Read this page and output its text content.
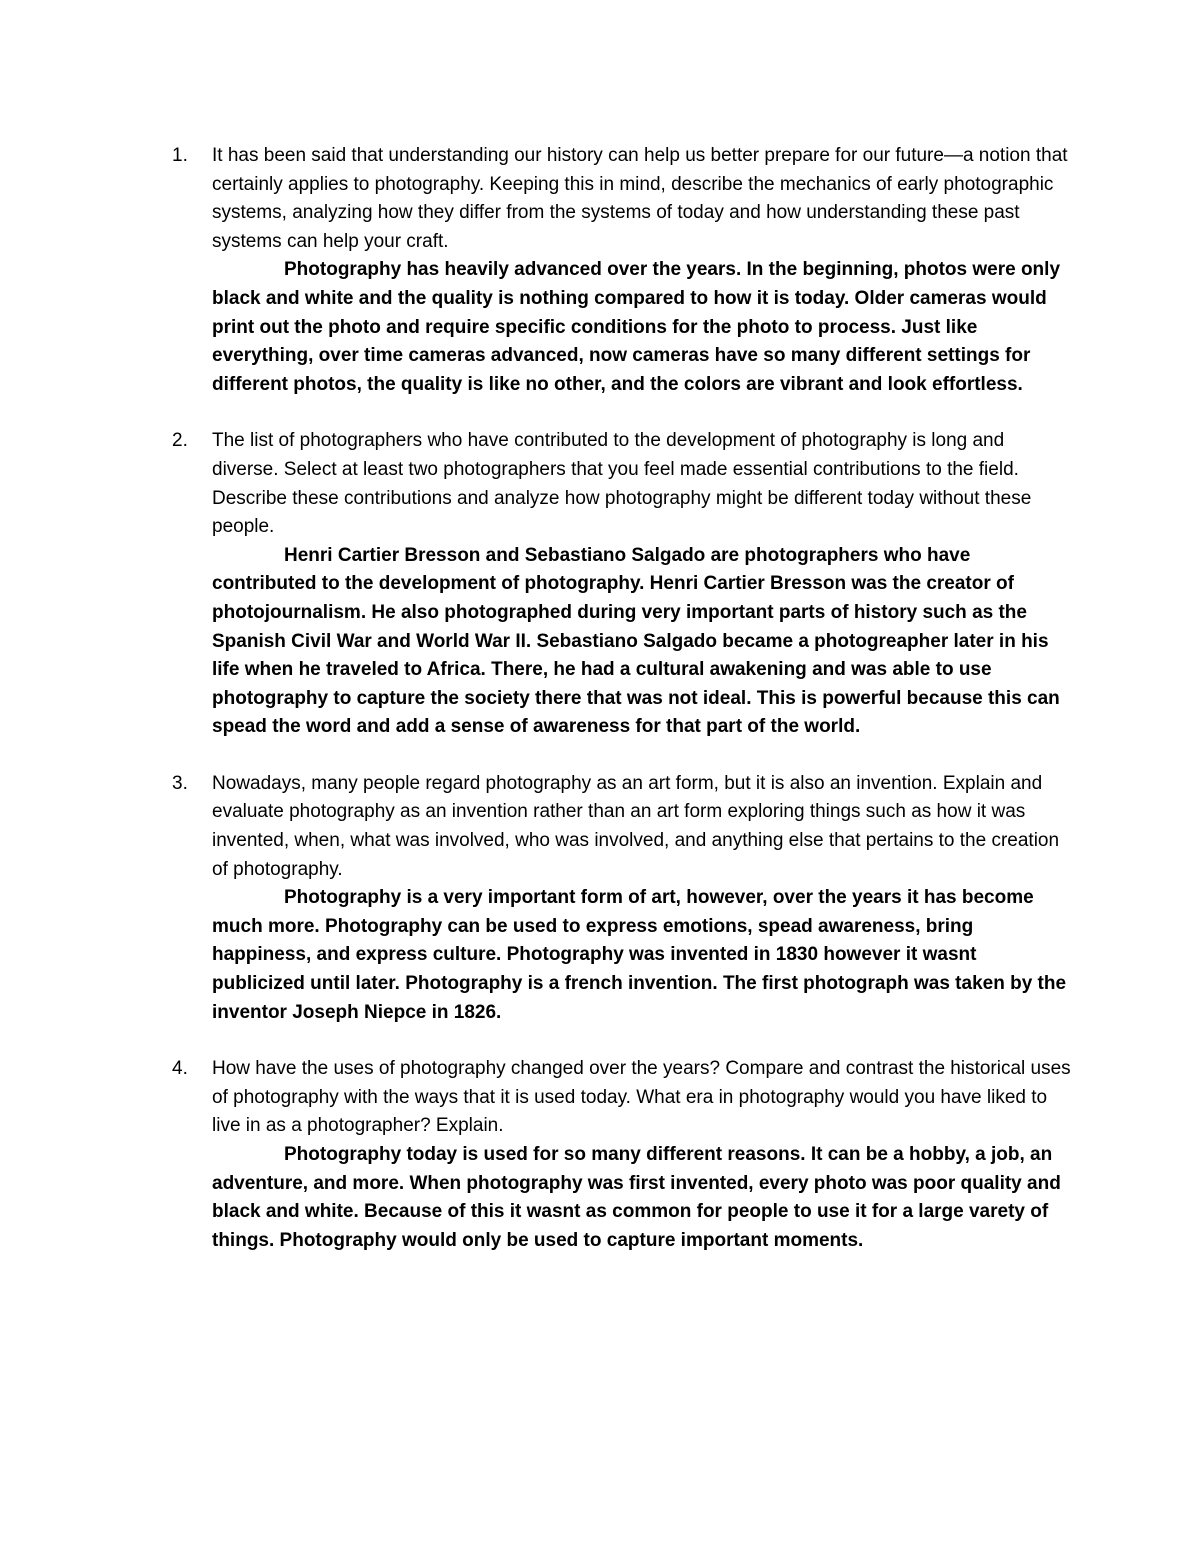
1. It has been said that understanding our history can help us better prepare for our future—a notion that certainly applies to photography. Keeping this in mind, describe the mechanics of early photographic systems, analyzing how they differ from the systems of today and how understanding these past systems can help your craft.
Photography has heavily advanced over the years. In the beginning, photos were only black and white and the quality is nothing compared to how it is today. Older cameras would print out the photo and require specific conditions for the photo to process. Just like everything, over time cameras advanced, now cameras have so many different settings for different photos, the quality is like no other, and the colors are vibrant and look effortless.
2. The list of photographers who have contributed to the development of photography is long and diverse. Select at least two photographers that you feel made essential contributions to the field. Describe these contributions and analyze how photography might be different today without these people.
Henri Cartier Bresson and Sebastiano Salgado are photographers who have contributed to the development of photography. Henri Cartier Bresson was the creator of photojournalism. He also photographed during very important parts of history such as the Spanish Civil War and World War II. Sebastiano Salgado became a photogreapher later in his life when he traveled to Africa. There, he had a cultural awakening and was able to use photography to capture the society there that was not ideal. This is powerful because this can spead the word and add a sense of awareness for that part of the world.
3. Nowadays, many people regard photography as an art form, but it is also an invention. Explain and evaluate photography as an invention rather than an art form exploring things such as how it was invented, when, what was involved, who was involved, and anything else that pertains to the creation of photography.
Photography is a very important form of art, however, over the years it has become much more. Photography can be used to express emotions, spead awareness, bring happiness, and express culture. Photography was invented in 1830 however it wasnt publicized until later. Photography is a french invention. The first photograph was taken by the inventor Joseph Niepce in 1826.
4. How have the uses of photography changed over the years? Compare and contrast the historical uses of photography with the ways that it is used today. What era in photography would you have liked to live in as a photographer? Explain.
Photography today is used for so many different reasons. It can be a hobby, a job, an adventure, and more. When photography was first invented, every photo was poor quality and black and white. Because of this it wasnt as common for people to use it for a large varety of things. Photography would only be used to capture important moments.
